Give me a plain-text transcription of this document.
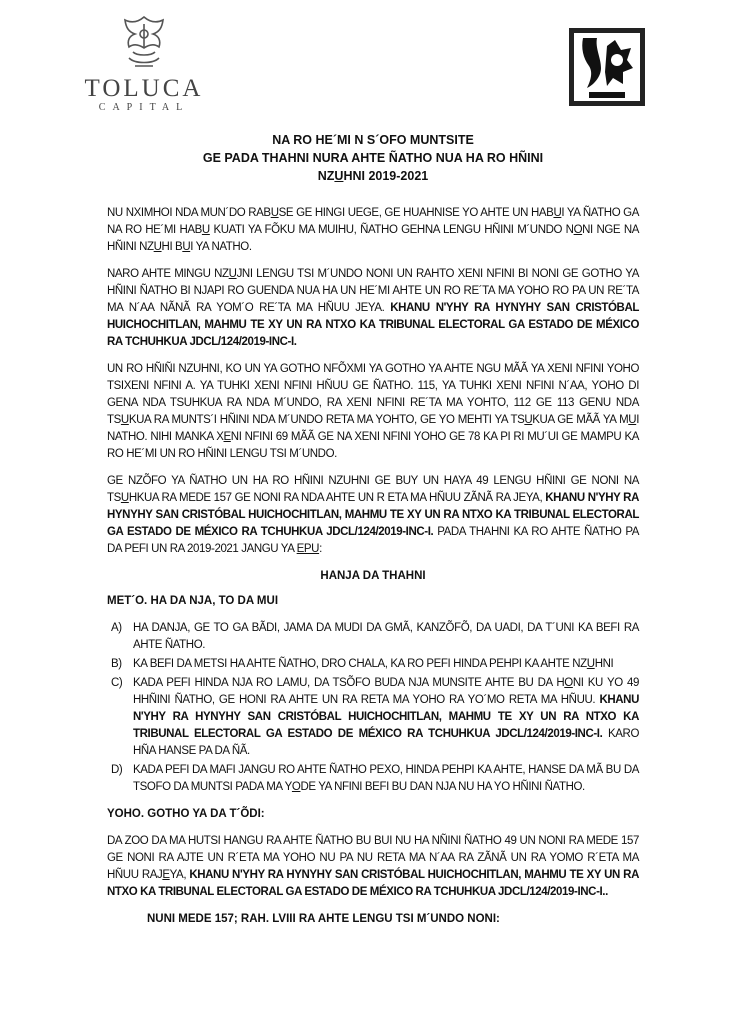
TOLUCA
CAPITAL
NA RO HE´MI N S´OFO MUNTSITE
GE PADA THAHNI NURA AHTE ÑATHO NUA HA RO HÑINI
NZUHNI 2019-2021

NU NXIMHOI NDA MUN´DO RABUSE GE HINGI UEGE, GE HUAHNISE YO AHTE UN HABUI YA ÑATHO GA NA RO HE´MI HABU KUATI YA FÕKU MA MUIHU, ÑATHO GEHNA LENGU HÑINI M´UNDO NONI NGE NA HÑINI NZUHI BUI YA NATHO.

NARO AHTE MINGU NZUJNI LENGU TSI M´UNDO NONI UN RAHTO XENI NFINI BI NONI GE GOTHO YA HÑINI ÑATHO BI NJAPI RO GUENDA NUA HA UN HE´MI AHTE UN RO RE´TA MA YOHO RO PA UN RE´TA MA N´AA NÃNÃ RA YOM´O RE´TA MA HÑUU JEYA. KHANU N'YHY RA HYNYHY SAN CRISTÓBAL HUICHOCHITLAN, MAHMU TE XY UN RA NTXO KA TRIBUNAL ELECTORAL GA ESTADO DE MÉXICO RA TCHUHKUA JDCL/124/2019-INC-I.

UN RO HÑIÑI NZUHNI, KO UN YA GOTHO NFÕXMI YA GOTHO YA AHTE NGU MÃÃ YA XENI NFINI YOHO TSIXENI NFINI A. YA TUHKI XENI NFINI HÑUU GE ÑATHO. 115, YA TUHKI XENI NFINI N´AA, YOHO DI GENA NDA TSUHKUA RA NDA M´UNDO, RA XENI NFINI RE´TA MA YOHTO, 112 GE 113 GENU NDA TSUKUA RA MUNTS´I HÑINI NDA M´UNDO RETA MA YOHTO, GE YO MEHTI YA TSUKUA GE MÃÃ YA MUI NATHO. NIHI MANKA XENI NFINI 69 MÃÃ GE NA XENI NFINI YOHO GE 78 KA PI RI MU´UI GE MAMPU KA RO HE´MI UN RO HÑINI LENGU TSI M´UNDO.

GE NZÕFO YA ÑATHO UN HA RO HÑINI NZUHNI GE BUY UN HAYA 49 LENGU HÑINI GE NONI NA TSUHKUA RA MEDE 157 GE NONI RA NDA AHTE UN R ETA MA HÑUU ZÃNÃ RA JEYA, KHANU N'YHY RA HYNYHY SAN CRISTÓBAL HUICHOCHITLAN, MAHMU TE XY UN RA NTXO KA TRIBUNAL ELECTORAL GA ESTADO DE MÉXICO RA TCHUHKUA JDCL/124/2019-INC-I. PADA THAHNI KA RO AHTE ÑATHO PA DA PEFI UN RA 2019-2021 JANGU YA EPU:

HANJA DA THAHNI
MET´O. HA DA NJA, TO DA MUI
A) HA DANJA, GE TO GA BÃDI, JAMA DA MUDI DA GMÃ, KANZÕFÕ, DA UADI, DA T´UNI KA BEFI RA AHTE ÑATHO.
B) KA BEFI DA METSI HA AHTE ÑATHO, DRO CHALA, KA RO PEFI HINDA PEHPI KA AHTE NZUHNI
C) KADA PEFI HINDA NJA RO LAMU, DA TSÕFO BUDA NJA MUNSITE AHTE BU DA HONI KU YO 49 HHÑINI ÑATHO, GE HONI RA AHTE UN RA RETA MA YOHO RA YO´MO RETA MA HÑUU. KHANU N'YHY RA HYNYHY SAN CRISTÓBAL HUICHOCHITLAN, MAHMU TE XY UN RA NTXO KA TRIBUNAL ELECTORAL GA ESTADO DE MÉXICO RA TCHUHKUA JDCL/124/2019-INC-I. KARO HÑA HANSE PA DA ÑÃ.
D) KADA PEFI DA MAFI JANGU RO AHTE ÑATHO PEXO, HINDA PEHPI KA AHTE, HANSE DA MÃ BU DA TSOFO DA MUNTSI PADA MA YODE YA NFINI BEFI BU DAN NJA NU HA YO HÑINI ÑATHO.
YOHO. GOTHO YA DA T´ÕDI:

DA ZOO DA MA HUTSI HANGU RA AHTE ÑATHO BU BUI NU HA NÑINI ÑATHO 49 UN NONI RA MEDE 157 GE NONI RA AJTE UN R´ETA MA YOHO NU PA NU RETA MA N´AA RA ZÃNÃ UN RA YOMO R´ETA MA HÑUU RAJEYA, KHANU N'YHY RA HYNYHY SAN CRISTÓBAL HUICHOCHITLAN, MAHMU TE XY UN RA NTXO KA TRIBUNAL ELECTORAL GA ESTADO DE MÉXICO RA TCHUHKUA JDCL/124/2019-INC-I..

NUNI MEDE 157; RAH. LVIII RA AHTE LENGU TSI M´UNDO NONI:
